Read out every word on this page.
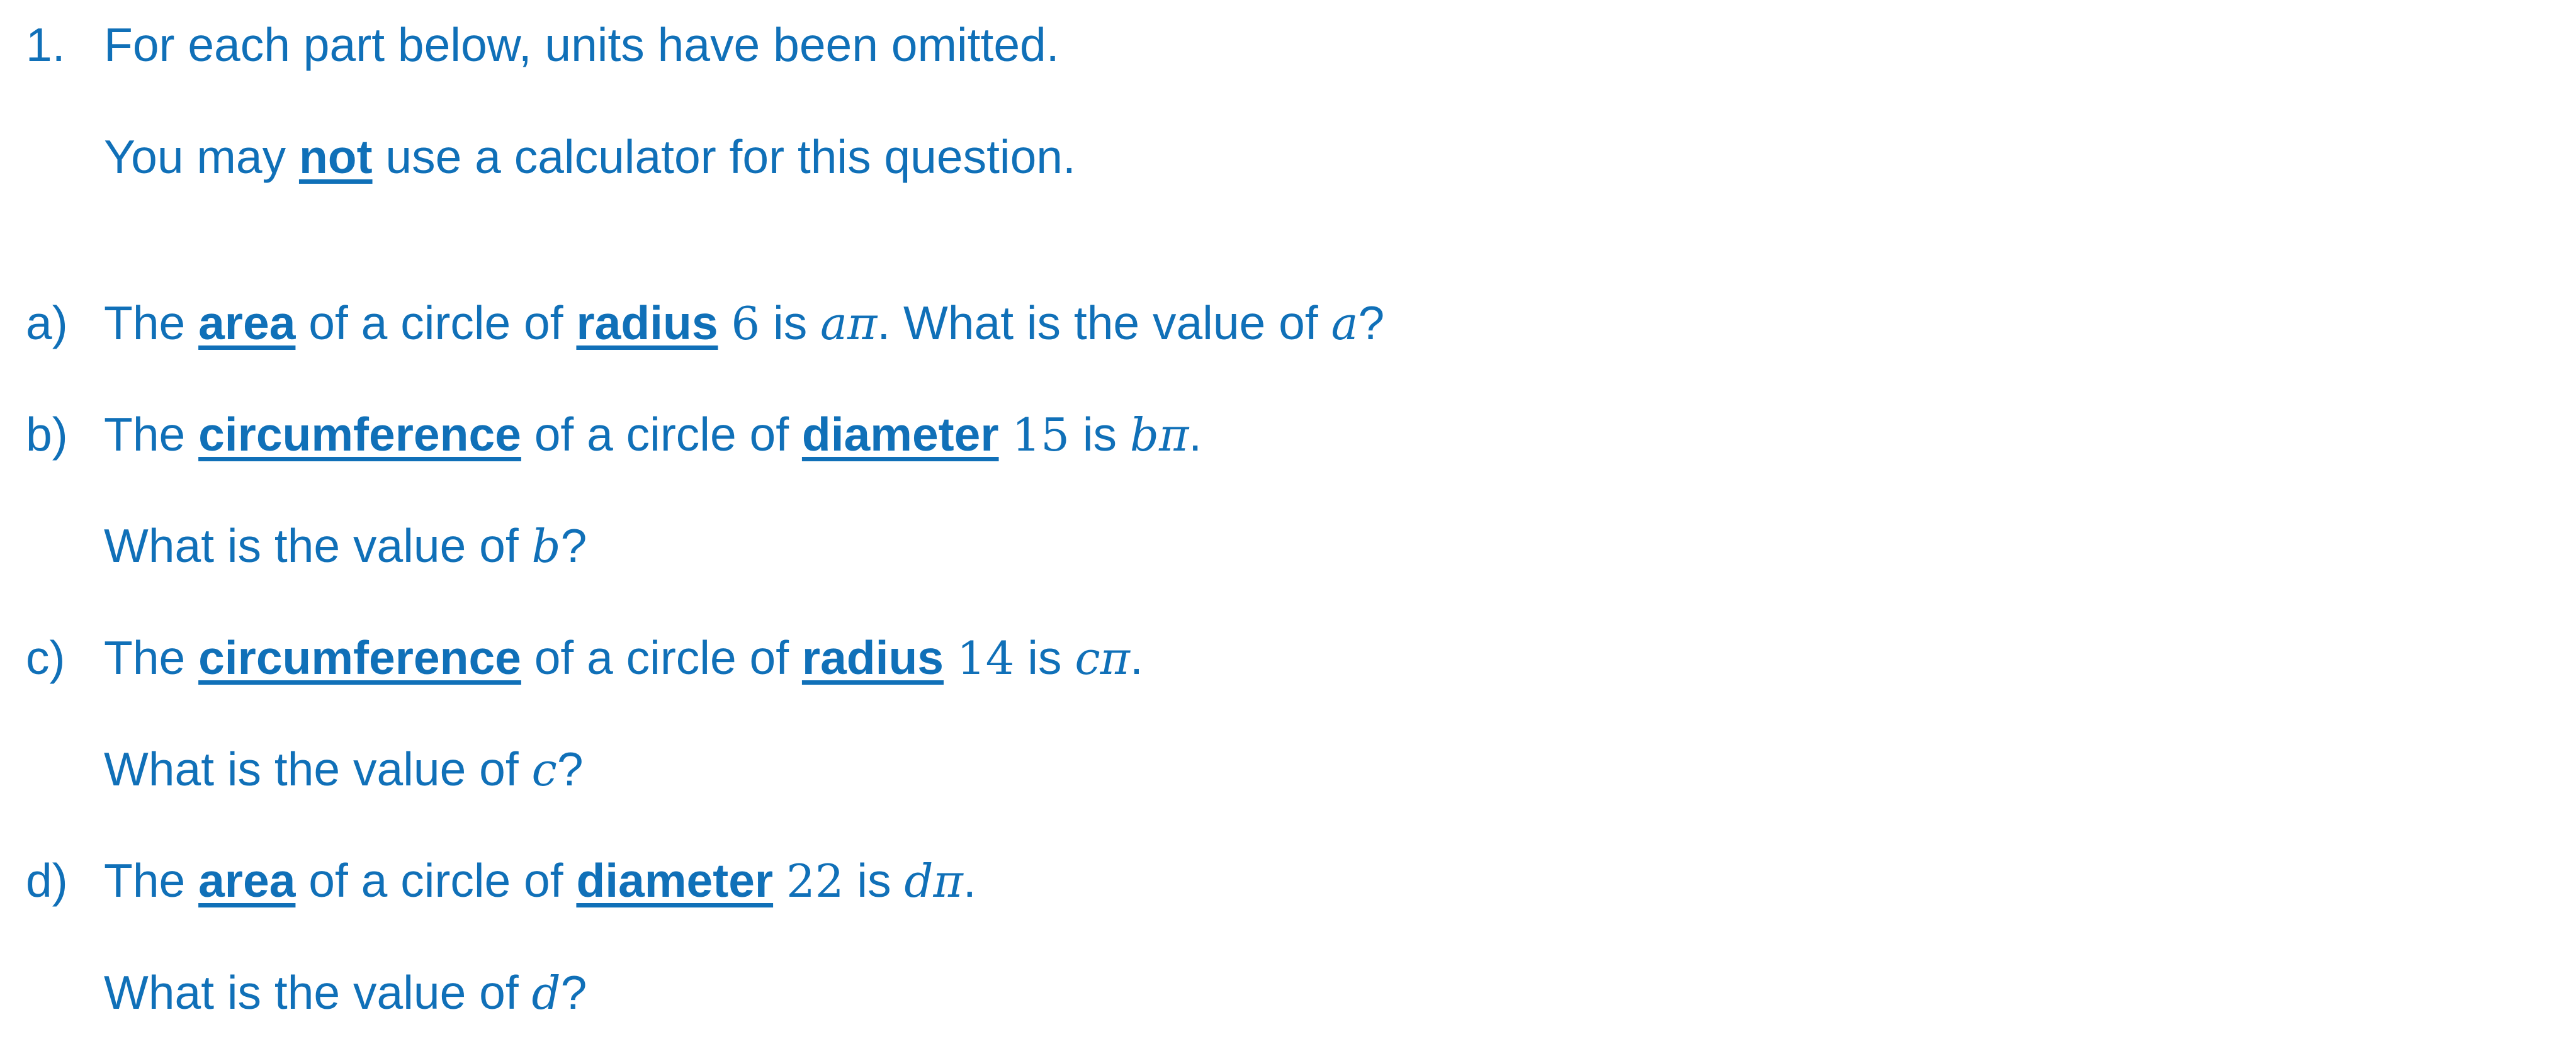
1. For each part below, units have been omitted.
You may not use a calculator for this question.
a) The area of a circle of radius 6 is aπ. What is the value of a?
b) The circumference of a circle of diameter 15 is bπ.
What is the value of b?
c) The circumference of a circle of radius 14 is cπ.
What is the value of c?
d) The area of a circle of diameter 22 is dπ.
What is the value of d?
